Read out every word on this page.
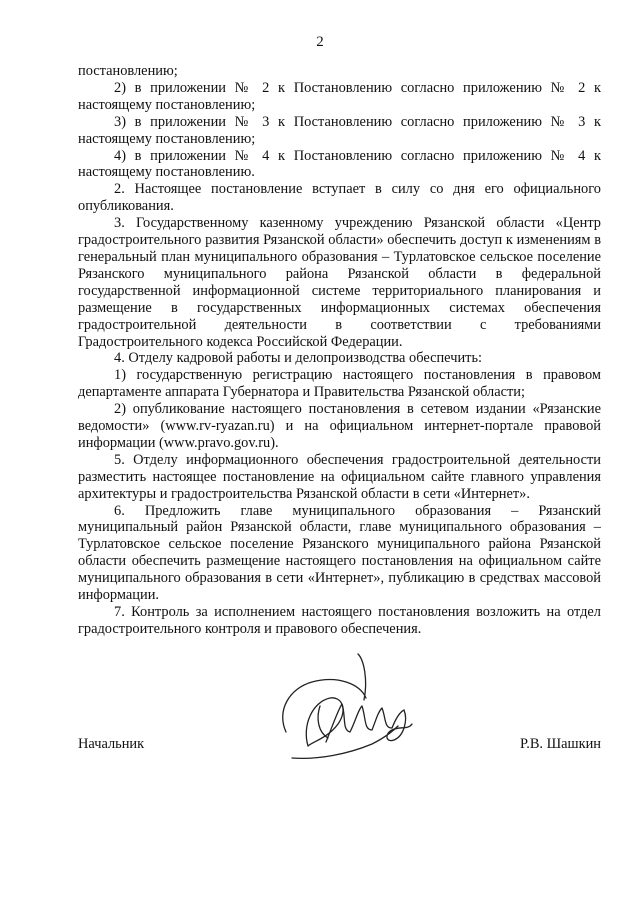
2

постановлению;

2) в приложении № 2 к Постановлению согласно приложению № 2 к настоящему постановлению;

3) в приложении № 3 к Постановлению согласно приложению № 3 к настоящему постановлению;

4) в приложении № 4 к Постановлению согласно приложению № 4 к настоящему постановлению.

2. Настоящее постановление вступает в силу со дня его официального опубликования.

3. Государственному казенному учреждению Рязанской области «Центр градостроительного развития Рязанской области» обеспечить доступ к изменениям в генеральный план муниципального образования – Турлатовское сельское поселение Рязанского муниципального района Рязанской области в федеральной государственной информационной системе территориального планирования и размещение в государственных информационных системах обеспечения градостроительной деятельности в соответствии с требованиями Градостроительного кодекса Российской Федерации.

4. Отделу кадровой работы и делопроизводства обеспечить:

1) государственную регистрацию настоящего постановления в правовом департаменте аппарата Губернатора и Правительства Рязанской области;

2) опубликование настоящего постановления в сетевом издании «Рязанские ведомости» (www.rv-ryazan.ru) и на официальном интернет-портале правовой информации (www.pravo.gov.ru).

5. Отделу информационного обеспечения градостроительной деятельности разместить настоящее постановление на официальном сайте главного управления архитектуры и градостроительства Рязанской области в сети «Интернет».

6. Предложить главе муниципального образования – Рязанский муниципальный район Рязанской области, главе муниципального образования – Турлатовское сельское поселение Рязанского муниципального района Рязанской области обеспечить размещение настоящего постановления на официальном сайте муниципального образования в сети «Интернет», публикацию в средствах массовой информации.

7. Контроль за исполнением настоящего постановления возложить на отдел градостроительного контроля и правового обеспечения.

Начальник	Р.В. Шашкин
